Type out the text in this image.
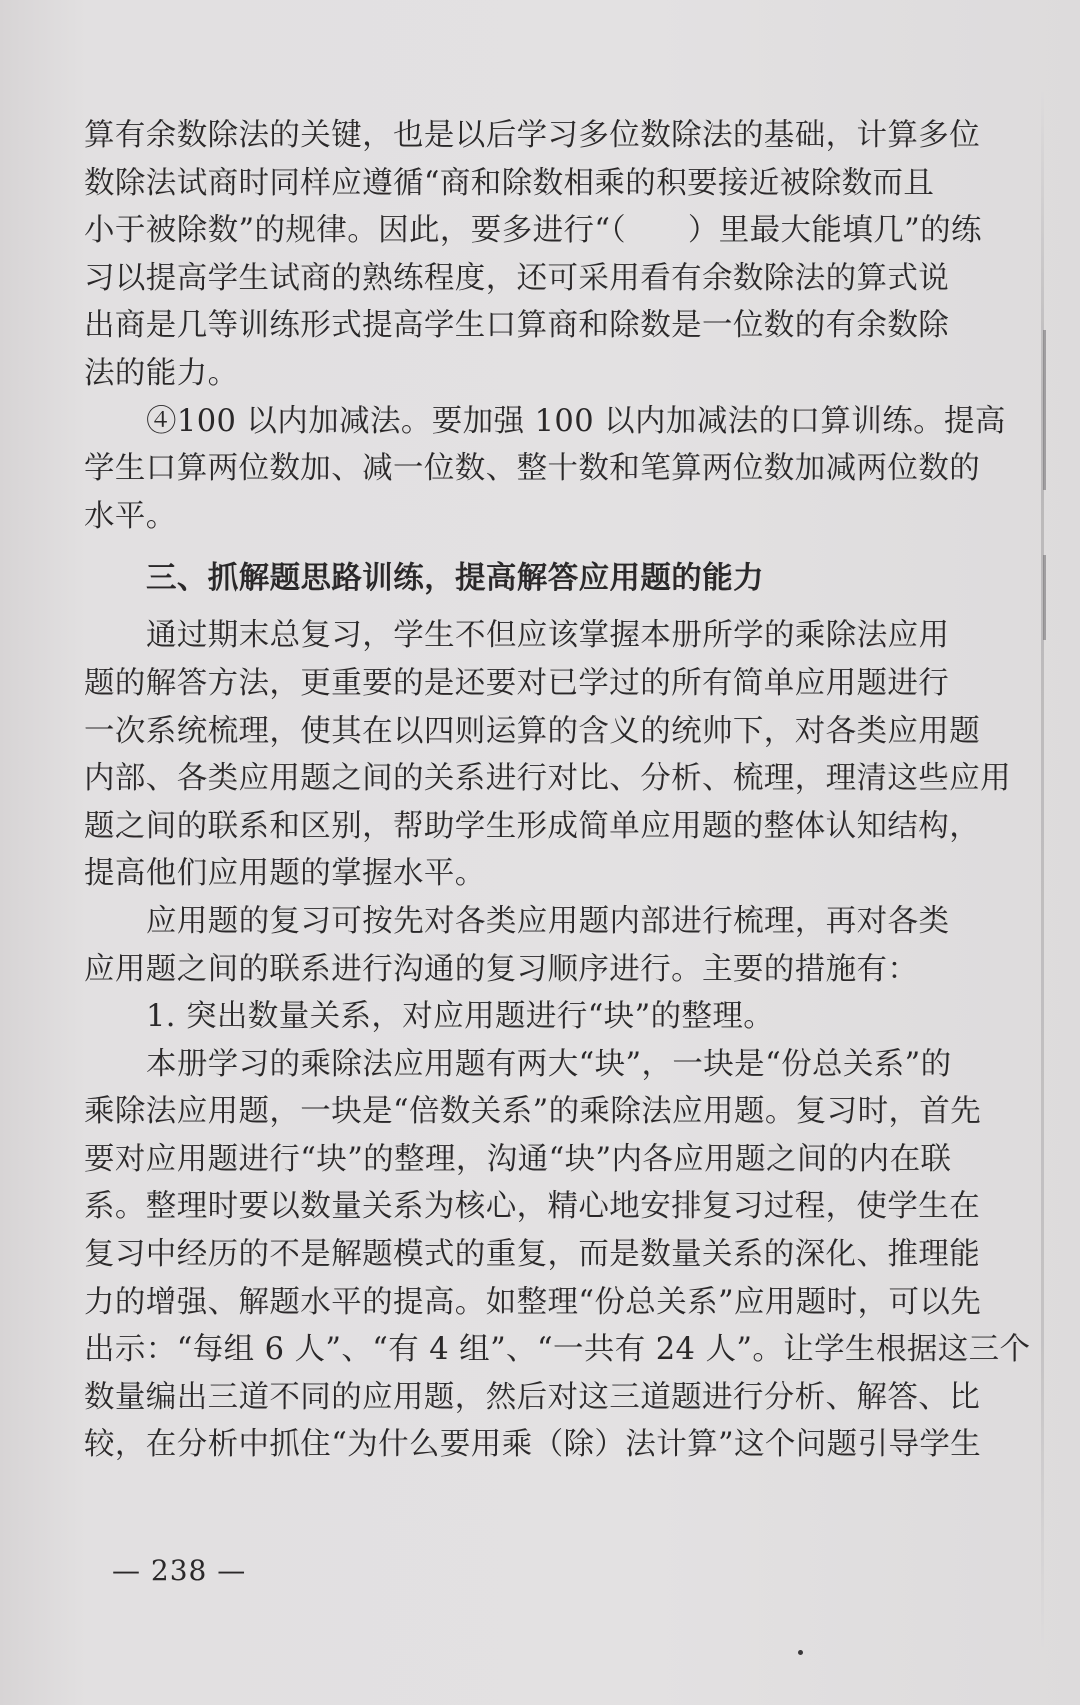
算有余数除法的关键，也是以后学习多位数除法的基础，计算多位
数除法试商时同样应遵循“商和除数相乘的积要接近被除数而且
小于被除数”的规律。因此，要多进行“（　　）里最大能填几”的练
习以提高学生试商的熟练程度，还可采用看有余数除法的算式说
出商是几等训练形式提高学生口算商和除数是一位数的有余数除
法的能力。
④100 以内加减法。要加强 100 以内加减法的口算训练。提高
学生口算两位数加、减一位数、整十数和笔算两位数加减两位数的
水平。
三、抓解题思路训练，提高解答应用题的能力
通过期末总复习，学生不但应该掌握本册所学的乘除法应用
题的解答方法，更重要的是还要对已学过的所有简单应用题进行
一次系统梳理，使其在以四则运算的含义的统帅下，对各类应用题
内部、各类应用题之间的关系进行对比、分析、梳理，理清这些应用
题之间的联系和区别，帮助学生形成简单应用题的整体认知结构，
提高他们应用题的掌握水平。
应用题的复习可按先对各类应用题内部进行梳理，再对各类
应用题之间的联系进行沟通的复习顺序进行。主要的措施有：
1. 突出数量关系，对应用题进行“块”的整理。
本册学习的乘除法应用题有两大“块”，一块是“份总关系”的
乘除法应用题，一块是“倍数关系”的乘除法应用题。复习时，首先
要对应用题进行“块”的整理，沟通“块”内各应用题之间的内在联
系。整理时要以数量关系为核心，精心地安排复习过程，使学生在
复习中经历的不是解题模式的重复，而是数量关系的深化、推理能
力的增强、解题水平的提高。如整理“份总关系”应用题时，可以先
出示：“每组 6 人”、“有 4 组”、“一共有 24 人”。让学生根据这三个
数量编出三道不同的应用题，然后对这三道题进行分析、解答、比
较，在分析中抓住“为什么要用乘（除）法计算”这个问题引导学生
— 238 —
